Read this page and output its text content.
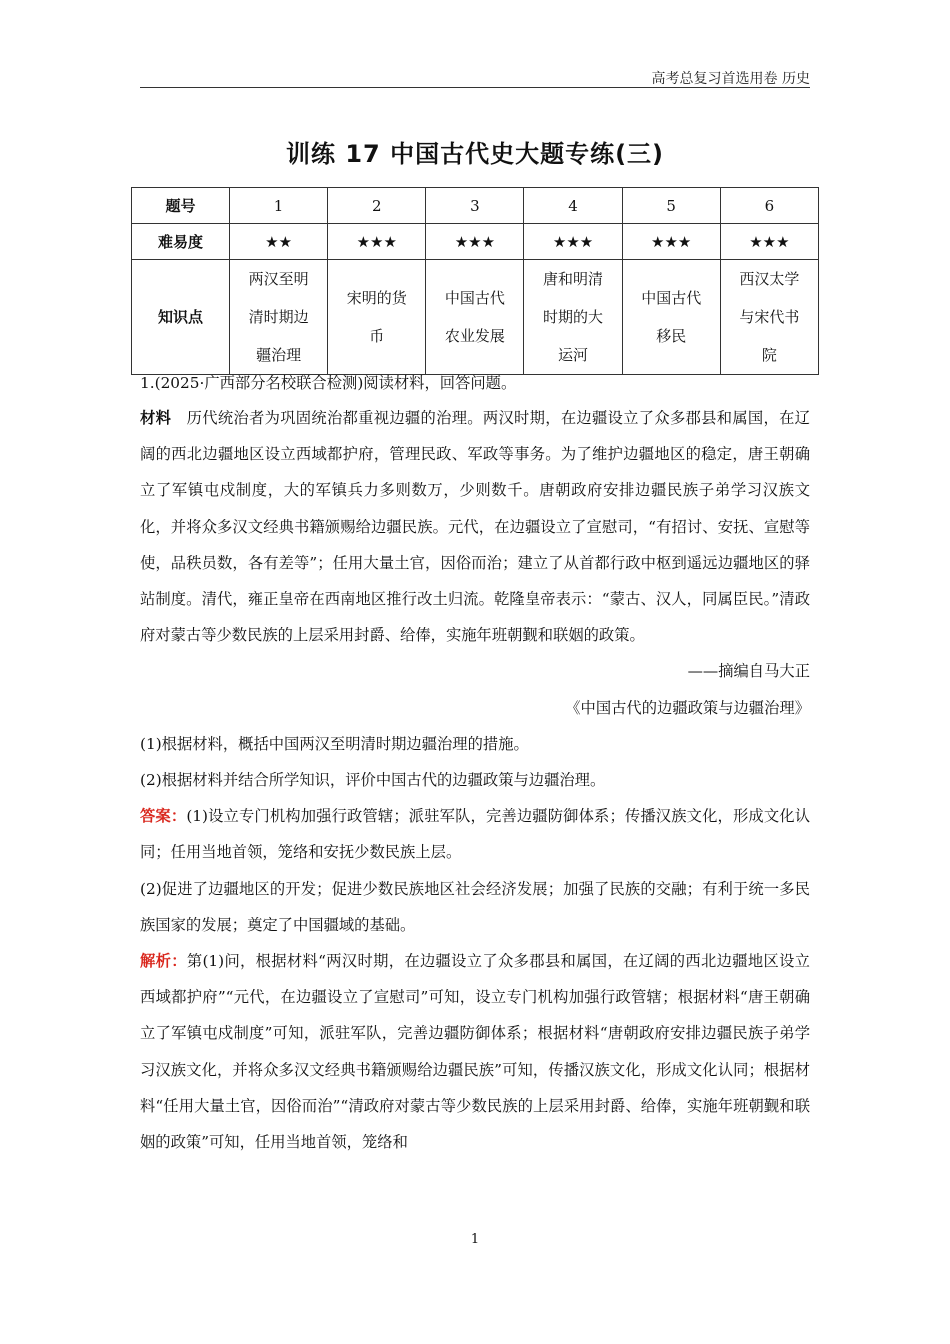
高考总复习首选用卷 历史
训练 17 中国古代史大题专练(三)
题号	1	2	3	4	5	6
难易度	★★	★★★	★★★	★★★	★★★	★★★
知识点	两汉至明清时期边疆治理	宋明的货币	中国古代农业发展	唐和明清时期的大运河	中国古代移民	西汉太学与宋代书院

1.(2025·广西部分名校联合检测)阅读材料，回答问题。

材料 历代统治者为巩固统治都重视边疆的治理。两汉时期，在边疆设立了众多郡县和属国，在辽阔的西北边疆地区设立西域都护府，管理民政、军政等事务。为了维护边疆地区的稳定，唐王朝确立了军镇屯戍制度，大的军镇兵力多则数万，少则数千。唐朝政府安排边疆民族子弟学习汉族文化，并将众多汉文经典书籍颁赐给边疆民族。元代，在边疆设立了宣慰司，“有招讨、安抚、宣慰等使，品秩员数，各有差等”；任用大量土官，因俗而治；建立了从首都行政中枢到遥远边疆地区的驿站制度。清代，雍正皇帝在西南地区推行改土归流。乾隆皇帝表示：“蒙古、汉人，同属臣民。”清政府对蒙古等少数民族的上层采用封爵、给俸，实施年班朝觐和联姻的政策。

——摘编自马大正

《中国古代的边疆政策与边疆治理》

(1)根据材料，概括中国两汉至明清时期边疆治理的措施。

(2)根据材料并结合所学知识，评价中国古代的边疆政策与边疆治理。

答案：(1)设立专门机构加强行政管辖；派驻军队，完善边疆防御体系；传播汉族文化，形成文化认同；任用当地首领，笼络和安抚少数民族上层。

(2)促进了边疆地区的开发；促进少数民族地区社会经济发展；加强了民族的交融；有利于统一多民族国家的发展；奠定了中国疆域的基础。

解析：第(1)问，根据材料“两汉时期，在边疆设立了众多郡县和属国，在辽阔的西北边疆地区设立西域都护府”“元代，在边疆设立了宣慰司”可知，设立专门机构加强行政管辖；根据材料“唐王朝确立了军镇屯戍制度”可知，派驻军队，完善边疆防御体系；根据材料“唐朝政府安排边疆民族子弟学习汉族文化，并将众多汉文经典书籍颁赐给边疆民族”可知，传播汉族文化，形成文化认同；根据材料“任用大量土官，因俗而治”“清政府对蒙古等少数民族的上层采用封爵、给俸，实施年班朝觐和联姻的政策”可知，任用当地首领，笼络和

1
